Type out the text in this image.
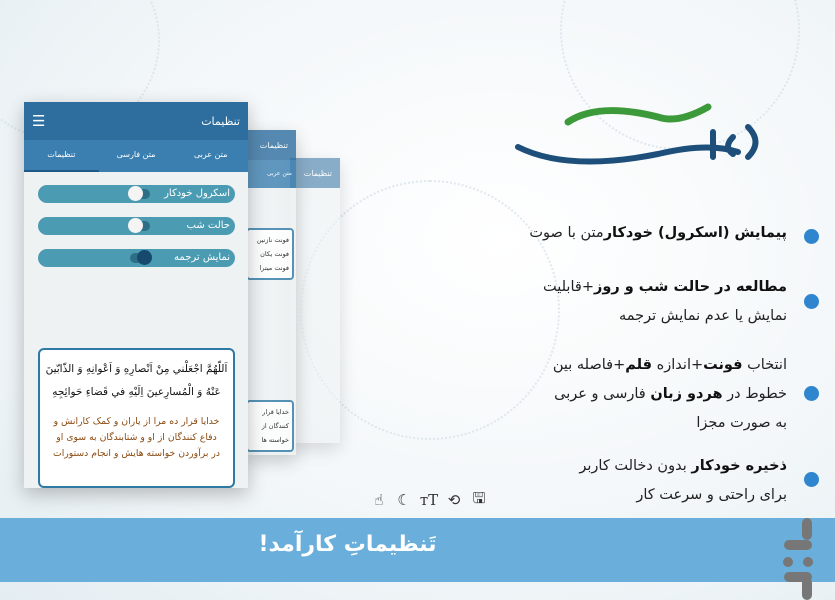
تنظیمات
تنظیمات
متن عربی
فونت نازنین
فونت یکان
فونت میترا
خدایا قرار
کنندگان از
خواسته ها
تنظیمات
☰
متن عربی
متن فارسی
تنظیمات
اسکرول خودکار
حالت شب
نمایش ترجمه
اَللّهُمَّ اجْعَلْني مِنْ اَنْصارِهِ وَ اَعْوانِهِ وَ الذّابّينَ
عَنْهُ وَ الْمُسارِعينَ اِلَيْهِ في قَضاءِ حَوائِجِهِ
خدایا قرار ده مرا از یاران و کمک کارانش و
دفاع کنندگان از او و شتابندگان به سوی او
در برآوردن خواسته هایش و انجام دستورات
پیمایش (اسکرول) خودکارمتن با صوت
مطالعه در حالت شب و روز+قابلیت
نمایش یا عدم نمایش ترجمه
انتخاب فونت+اندازه قلم+فاصله بین
خطوط در هردو زبان فارسی و عربی
به صورت مجزا
ذخیره خودکار بدون دخالت کاربر
برای راحتی و سرعت کار
☝ ☾ ᴛT ⟲ 🖫
تَنظیماتِ کارآمد!
